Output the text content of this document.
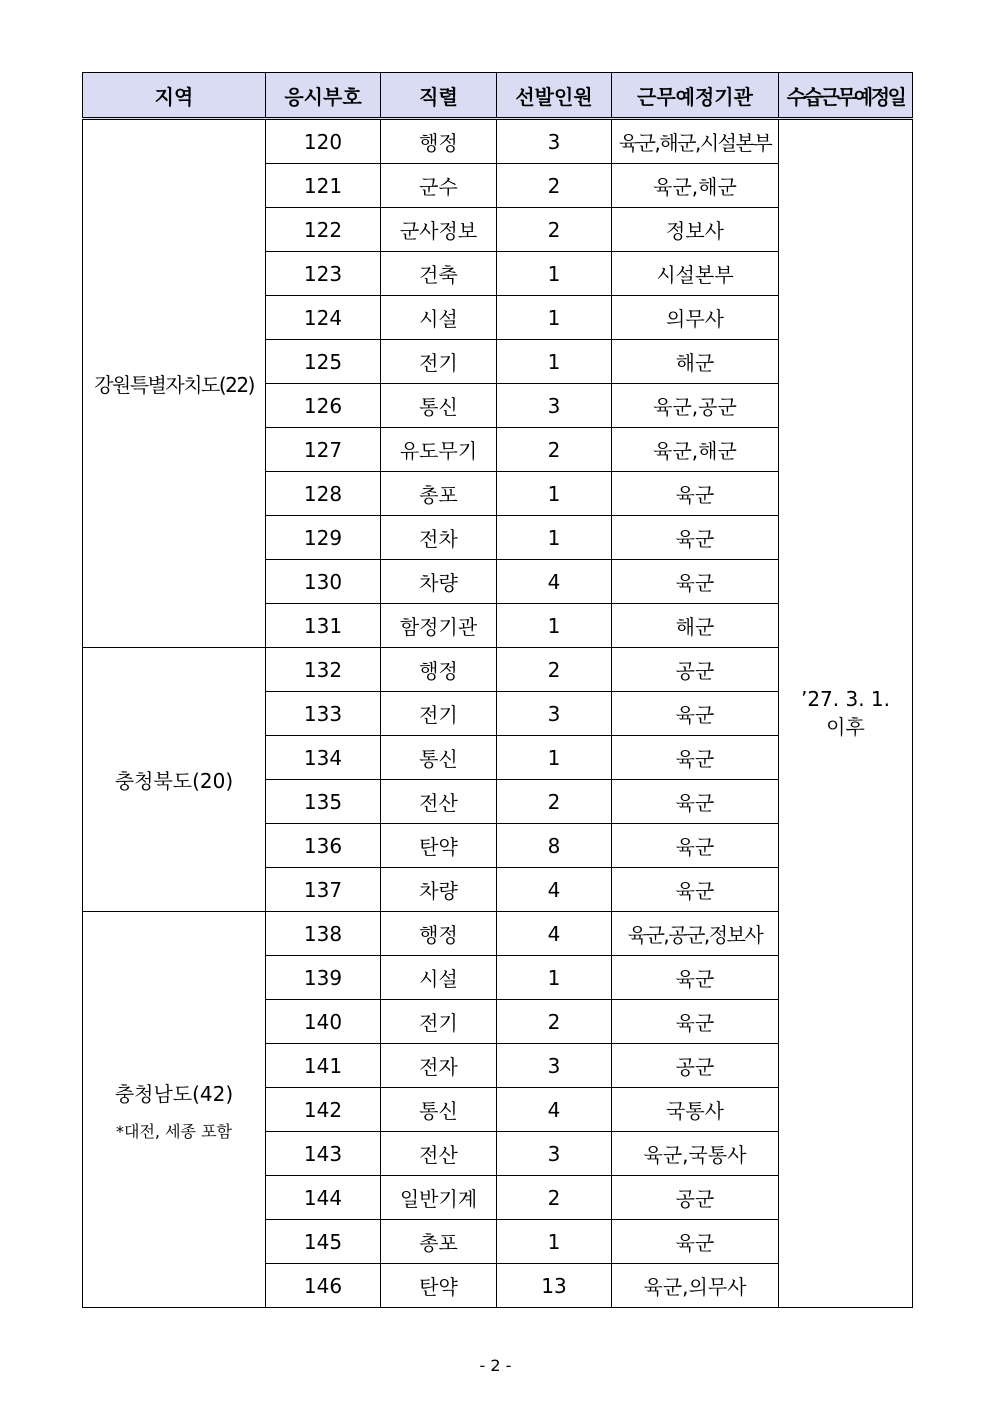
지역	응시부호	직렬	선발인원	근무예정기관	수습근무예정일

강원특별자치도(22)	120	행정	3	육군,해군,시설본부	’27. 3. 1.
이후

	121	군수	2	육군,해군	
	122	군사정보	2	정보사	
	123	건축	1	시설본부	
	124	시설	1	의무사	
	125	전기	1	해군	
	126	통신	3	육군,공군	
	127	유도무기	2	육군,해군	
	128	총포	1	육군	
	129	전차	1	육군	
	130	차량	4	육군	
	131	함정기관	1	해군	

충청북도(20)	132	행정	2	공군	
	133	전기	3	육군	
	134	통신	1	육군	
	135	전산	2	육군	
	136	탄약	8	육군	
	137	차량	4	육군	

충청남도(42)
*대전, 세종 포함	138	행정	4	육군,공군,정보사	
	139	시설	1	육군	
	140	전기	2	육군	
	141	전자	3	공군	
	142	통신	4	국통사	
	143	전산	3	육군,국통사	
	144	일반기계	2	공군	
	145	총포	1	육군	
	146	탄약	13	육군,의무사	
- 2 -
